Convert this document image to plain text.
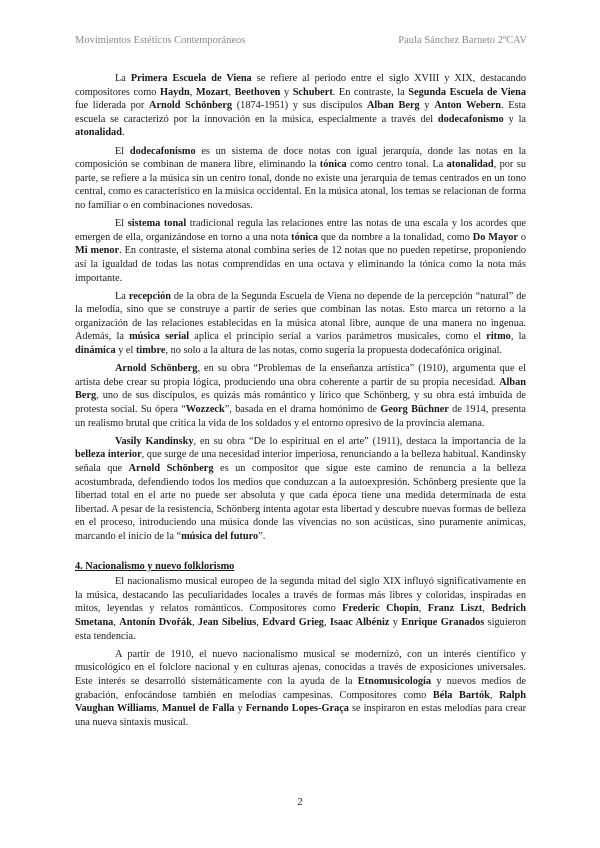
Movimientos Estéticos Contemporáneos	Paula Sánchez Barneto 2ºCAV

La Primera Escuela de Viena se refiere al periodo entre el siglo XVIII y XIX, destacando compositores como Haydn, Mozart, Beethoven y Schubert. En contraste, la Segunda Escuela de Viena fue liderada por Arnold Schönberg (1874-1951) y sus discípulos Alban Berg y Anton Webern. Esta escuela se caracterizó por la innovación en la música, especialmente a través del dodecafonismo y la atonalidad.

El dodecafonismo es un sistema de doce notas con igual jerarquía, donde las notas en la composición se combinan de manera libre, eliminando la tónica como centro tonal. La atonalidad, por su parte, se refiere a la música sin un centro tonal, donde no existe una jerarquía de temas centrados en un tono central, como es característico en la música occidental. En la música atonal, los temas se relacionan de forma no familiar o en combinaciones novedosas.

El sistema tonal tradicional regula las relaciones entre las notas de una escala y los acordes que emergen de ella, organizándose en torno a una nota tónica que da nombre a la tonalidad, como Do Mayor o Mi menor. En contraste, el sistema atonal combina series de 12 notas que no pueden repetirse, proponiendo así la igualdad de todas las notas comprendidas en una octava y eliminando la tónica como la nota más importante.

La recepción de la obra de la Segunda Escuela de Viena no depende de la percepción “natural” de la melodía, sino que se construye a partir de series que combinan las notas. Esto marca un retorno a la organización de las relaciones establecidas en la música atonal libre, aunque de una manera no ingenua. Además, la música serial aplica el principio serial a varios parámetros musicales, como el ritmo, la dinámica y el timbre, no solo a la altura de las notas, como sugería la propuesta dodecafónica original.

Arnold Schönberg, en su obra “Problemas de la enseñanza artística” (1910), argumenta que el artista debe crear su propia lógica, produciendo una obra coherente a partir de su propia necesidad. Alban Berg, uno de sus discípulos, es quizás más romántico y lírico que Schönberg, y su obra está imbuida de protesta social. Su ópera “Wozzeck”, basada en el drama homónimo de Georg Büchner de 1914, presenta un realismo brutal que critica la vida de los soldados y el entorno opresivo de la provincia alemana.

Vasily Kandinsky, en su obra “De lo espiritual en el arte” (1911), destaca la importancia de la belleza interior, que surge de una necesidad interior imperiosa, renunciando a la belleza habitual. Kandinsky señala que Arnold Schönberg es un compositor que sigue este camino de renuncia a la belleza acostumbrada, defendiendo todos los medios que conduzcan a la autoexpresión. Schönberg presiente que la libertad total en el arte no puede ser absoluta y que cada época tiene una medida determinada de esta libertad. A pesar de la resistencia, Schönberg intenta agotar esta libertad y descubre nuevas formas de belleza en el proceso, introduciendo una música donde las vivencias no son acústicas, sino puramente anímicas, marcando el inicio de la “música del futuro”.

4. Nacionalismo y nuevo folklorismo

El nacionalismo musical europeo de la segunda mitad del siglo XIX influyó significativamente en la música, destacando las peculiaridades locales a través de formas más libres y coloridas, inspiradas en mitos, leyendas y relatos románticos. Compositores como Frederic Chopin, Franz Liszt, Bedrich Smetana, Antonín Dvořák, Jean Sibelius, Edvard Grieg, Isaac Albéniz y Enrique Granados siguieron esta tendencia.

A partir de 1910, el nuevo nacionalismo musical se modernizó, con un interés científico y musicológico en el folclore nacional y en culturas ajenas, conocidas a través de exposiciones universales. Este interés se desarrolló sistemáticamente con la ayuda de la Etnomusicología y nuevos medios de grabación, enfocándose también en melodías campesinas. Compositores como Béla Bartók, Ralph Vaughan Williams, Manuel de Falla y Fernando Lopes-Graça se inspiraron en estas melodías para crear una nueva sintaxis musical.

2
